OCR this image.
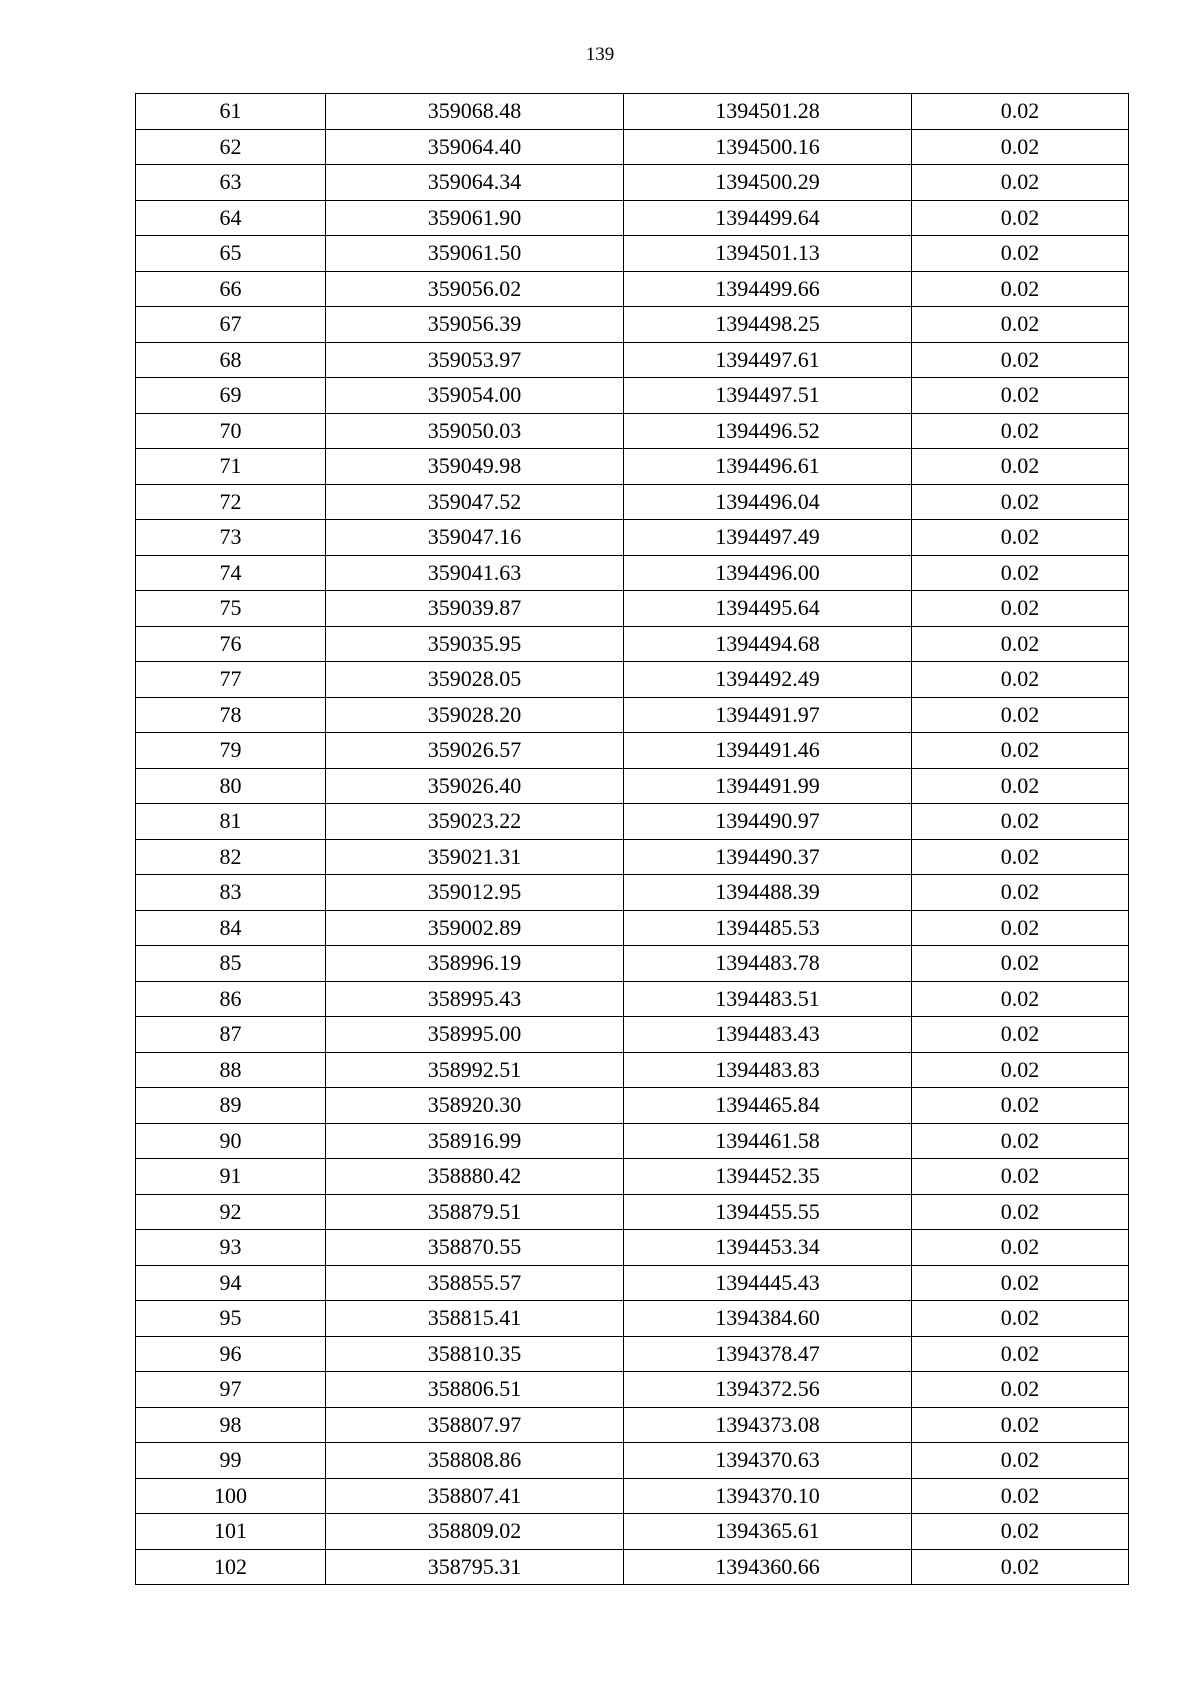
139
61	359068.48	1394501.28	0.02
62	359064.40	1394500.16	0.02
63	359064.34	1394500.29	0.02
64	359061.90	1394499.64	0.02
65	359061.50	1394501.13	0.02
66	359056.02	1394499.66	0.02
67	359056.39	1394498.25	0.02
68	359053.97	1394497.61	0.02
69	359054.00	1394497.51	0.02
70	359050.03	1394496.52	0.02
71	359049.98	1394496.61	0.02
72	359047.52	1394496.04	0.02
73	359047.16	1394497.49	0.02
74	359041.63	1394496.00	0.02
75	359039.87	1394495.64	0.02
76	359035.95	1394494.68	0.02
77	359028.05	1394492.49	0.02
78	359028.20	1394491.97	0.02
79	359026.57	1394491.46	0.02
80	359026.40	1394491.99	0.02
81	359023.22	1394490.97	0.02
82	359021.31	1394490.37	0.02
83	359012.95	1394488.39	0.02
84	359002.89	1394485.53	0.02
85	358996.19	1394483.78	0.02
86	358995.43	1394483.51	0.02
87	358995.00	1394483.43	0.02
88	358992.51	1394483.83	0.02
89	358920.30	1394465.84	0.02
90	358916.99	1394461.58	0.02
91	358880.42	1394452.35	0.02
92	358879.51	1394455.55	0.02
93	358870.55	1394453.34	0.02
94	358855.57	1394445.43	0.02
95	358815.41	1394384.60	0.02
96	358810.35	1394378.47	0.02
97	358806.51	1394372.56	0.02
98	358807.97	1394373.08	0.02
99	358808.86	1394370.63	0.02
100	358807.41	1394370.10	0.02
101	358809.02	1394365.61	0.02
102	358795.31	1394360.66	0.02
